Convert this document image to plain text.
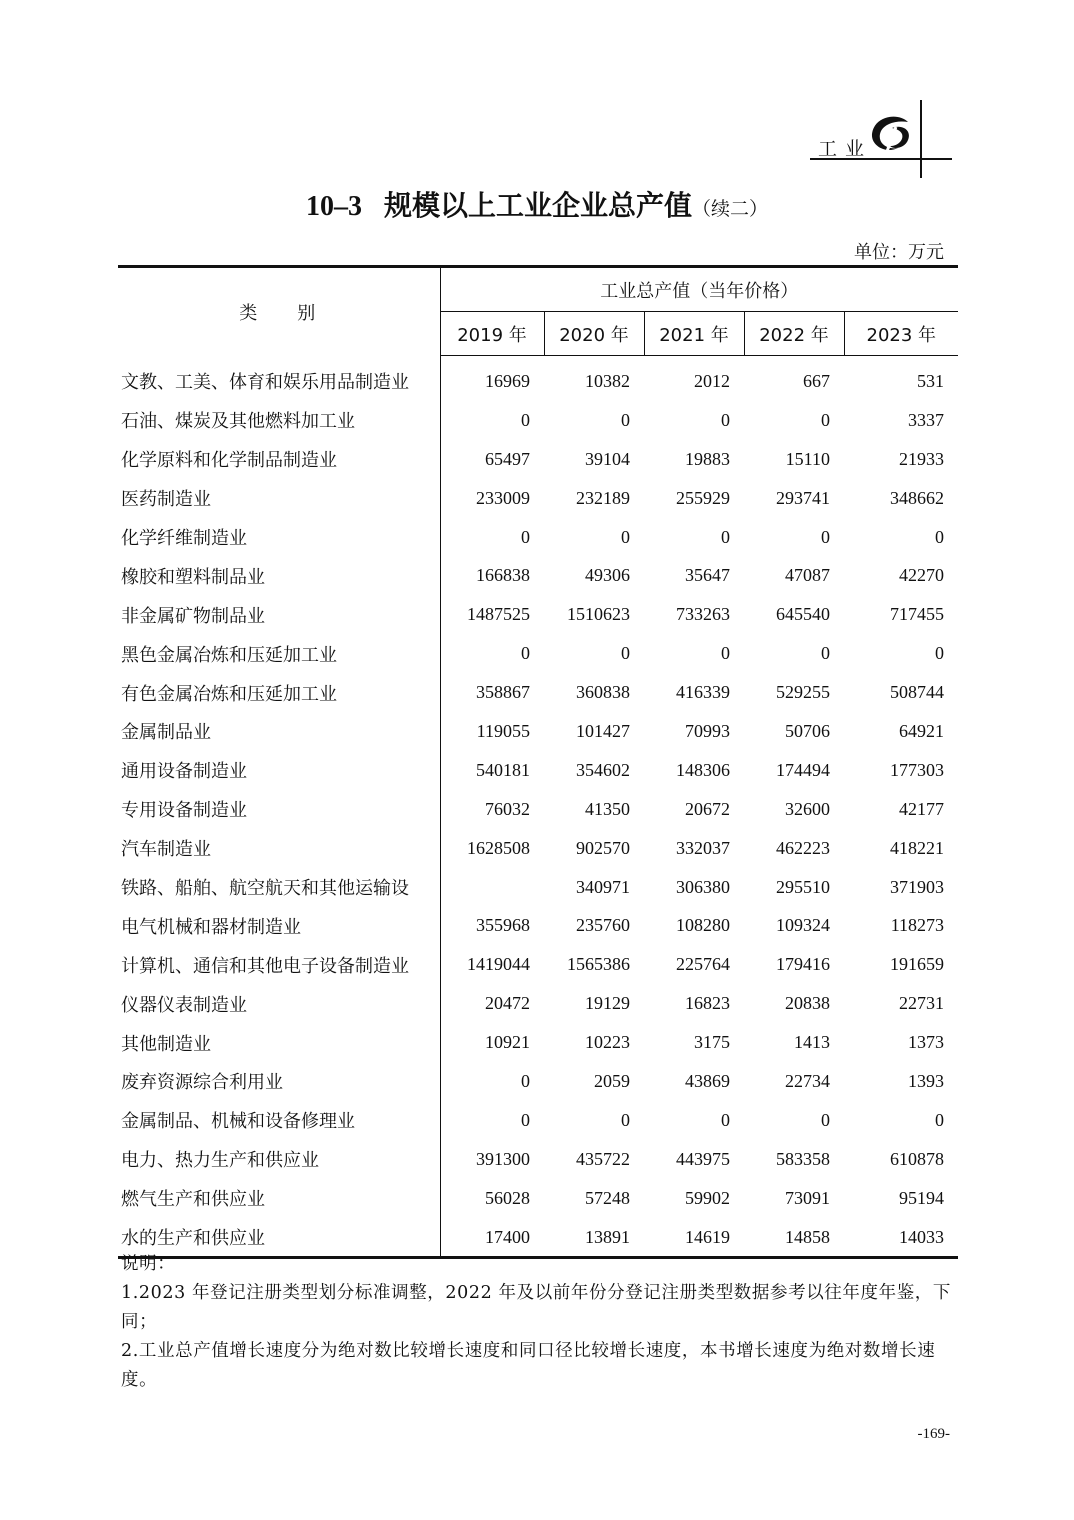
工业
10–3 规模以上工业企业总产值（续二）
单位：万元
类别	工业总产值（当年价格）				
	2019 年	2020 年	2021 年	2022 年	2023 年
文教、工美、体育和娱乐用品制造业	16969	10382	2012	667	531
石油、煤炭及其他燃料加工业	0	0	0	0	3337
化学原料和化学制品制造业	65497	39104	19883	15110	21933
医药制造业	233009	232189	255929	293741	348662
化学纤维制造业	0	0	0	0	0
橡胶和塑料制品业	166838	49306	35647	47087	42270
非金属矿物制品业	1487525	1510623	733263	645540	717455
黑色金属冶炼和压延加工业	0	0	0	0	0
有色金属冶炼和压延加工业	358867	360838	416339	529255	508744
金属制品业	119055	101427	70993	50706	64921
通用设备制造业	540181	354602	148306	174494	177303
专用设备制造业	76032	41350	20672	32600	42177
汽车制造业	1628508	902570	332037	462223	418221
铁路、船舶、航空航天和其他运输设		340971	306380	295510	371903
电气机械和器材制造业	355968	235760	108280	109324	118273
计算机、通信和其他电子设备制造业	1419044	1565386	225764	179416	191659
仪器仪表制造业	20472	19129	16823	20838	22731
其他制造业	10921	10223	3175	1413	1373
废弃资源综合利用业	0	2059	43869	22734	1393
金属制品、机械和设备修理业	0	0	0	0	0
电力、热力生产和供应业	391300	435722	443975	583358	610878
燃气生产和供应业	56028	57248	59902	73091	95194
水的生产和供应业	17400	13891	14619	14858	14033

说明：

1.2023 年登记注册类型划分标准调整，2022 年及以前年份分登记注册类型数据参考以往年度年鉴，下同；

2.工业总产值增长速度分为绝对数比较增长速度和同口径比较增长速度，本书增长速度为绝对数增长速度。

-169-
